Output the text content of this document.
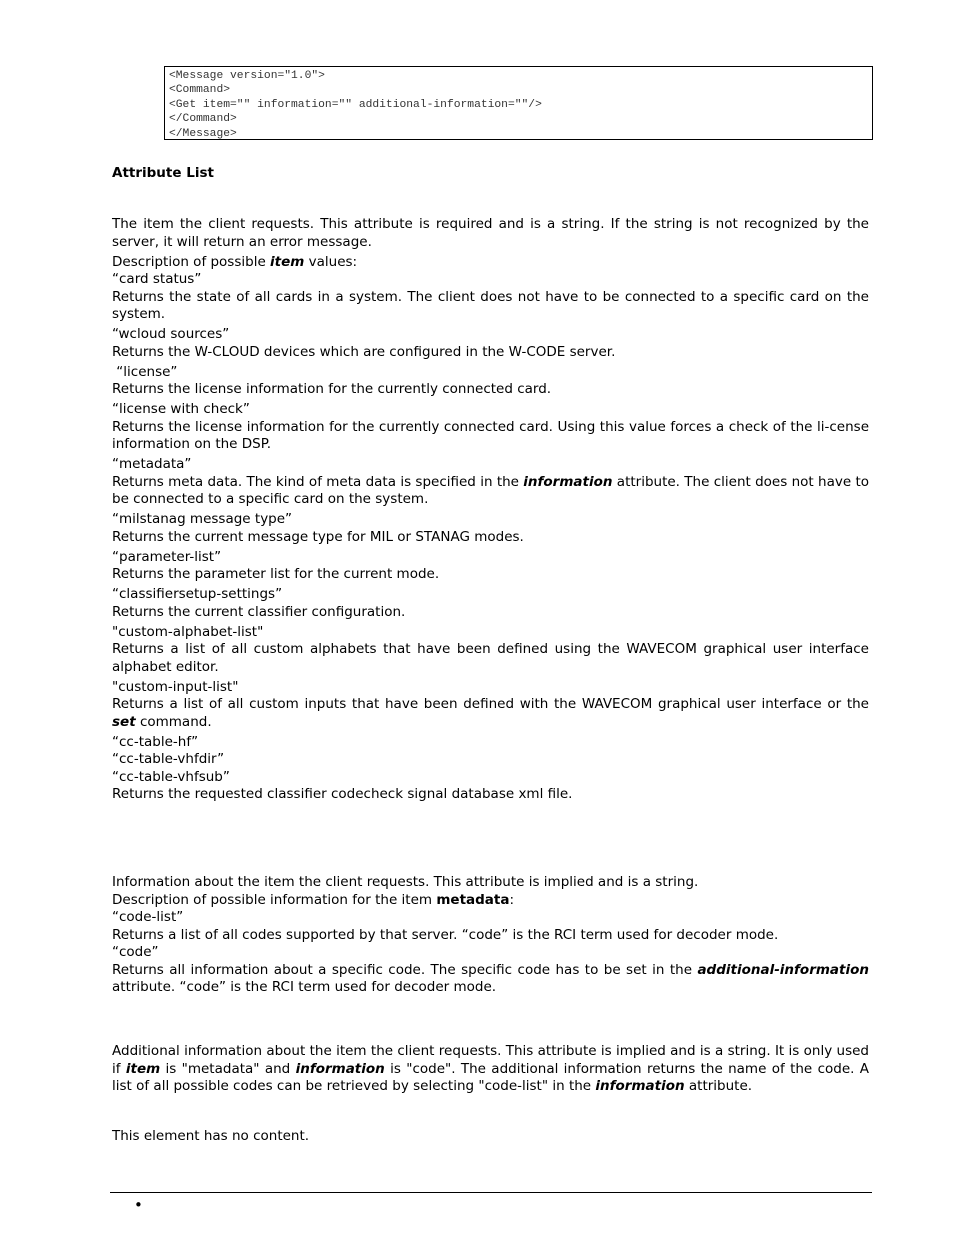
<Message version="1.0">
<Command>
<Get item="" information="" additional-information=""/>
</Command>
</Message>
Attribute List

The item the client requests. This attribute is required and is a string. If the string is not recognized by the server, it will return an error message.

Description of possible item values:

“card status”

Returns the state of all cards in a system. The client does not have to be connected to a specific card on the system.

“wcloud sources”

Returns the W-CLOUD devices which are configured in the W-CODE server.

“license”

Returns the license information for the currently connected card.

“license with check”

Returns the license information for the currently connected card. Using this value forces a check of the li-cense information on the DSP.

“metadata”

Returns meta data. The kind of meta data is specified in the information attribute. The client does not have to be connected to a specific card on the system.

“milstanag message type”

Returns the current message type for MIL or STANAG modes.

“parameter-list”

Returns the parameter list for the current mode.

“classifiersetup-settings”

Returns the current classifier configuration.

"custom-alphabet-list"

Returns a list of all custom alphabets that have been defined using the WAVECOM graphical user interface alphabet editor.

"custom-input-list"

Returns a list of all custom inputs that have been defined with the WAVECOM graphical user interface or the set command.

“cc-table-hf”

“cc-table-vhfdir”

“cc-table-vhfsub”

Returns the requested classifier codecheck signal database xml file.

Information about the item the client requests. This attribute is implied and is a string.

Description of possible information for the item metadata:

“code-list”

Returns a list of all codes supported by that server. “code” is the RCI term used for decoder mode.

“code”

Returns all information about a specific code. The specific code has to be set in the additional-information attribute. “code” is the RCI term used for decoder mode.

Additional information about the item the client requests. This attribute is implied and is a string. It is only used if item is "metadata" and information is "code". The additional information returns the name of the code. A list of all possible codes can be retrieved by selecting "code-list" in the information attribute.

This element has no content.

•
